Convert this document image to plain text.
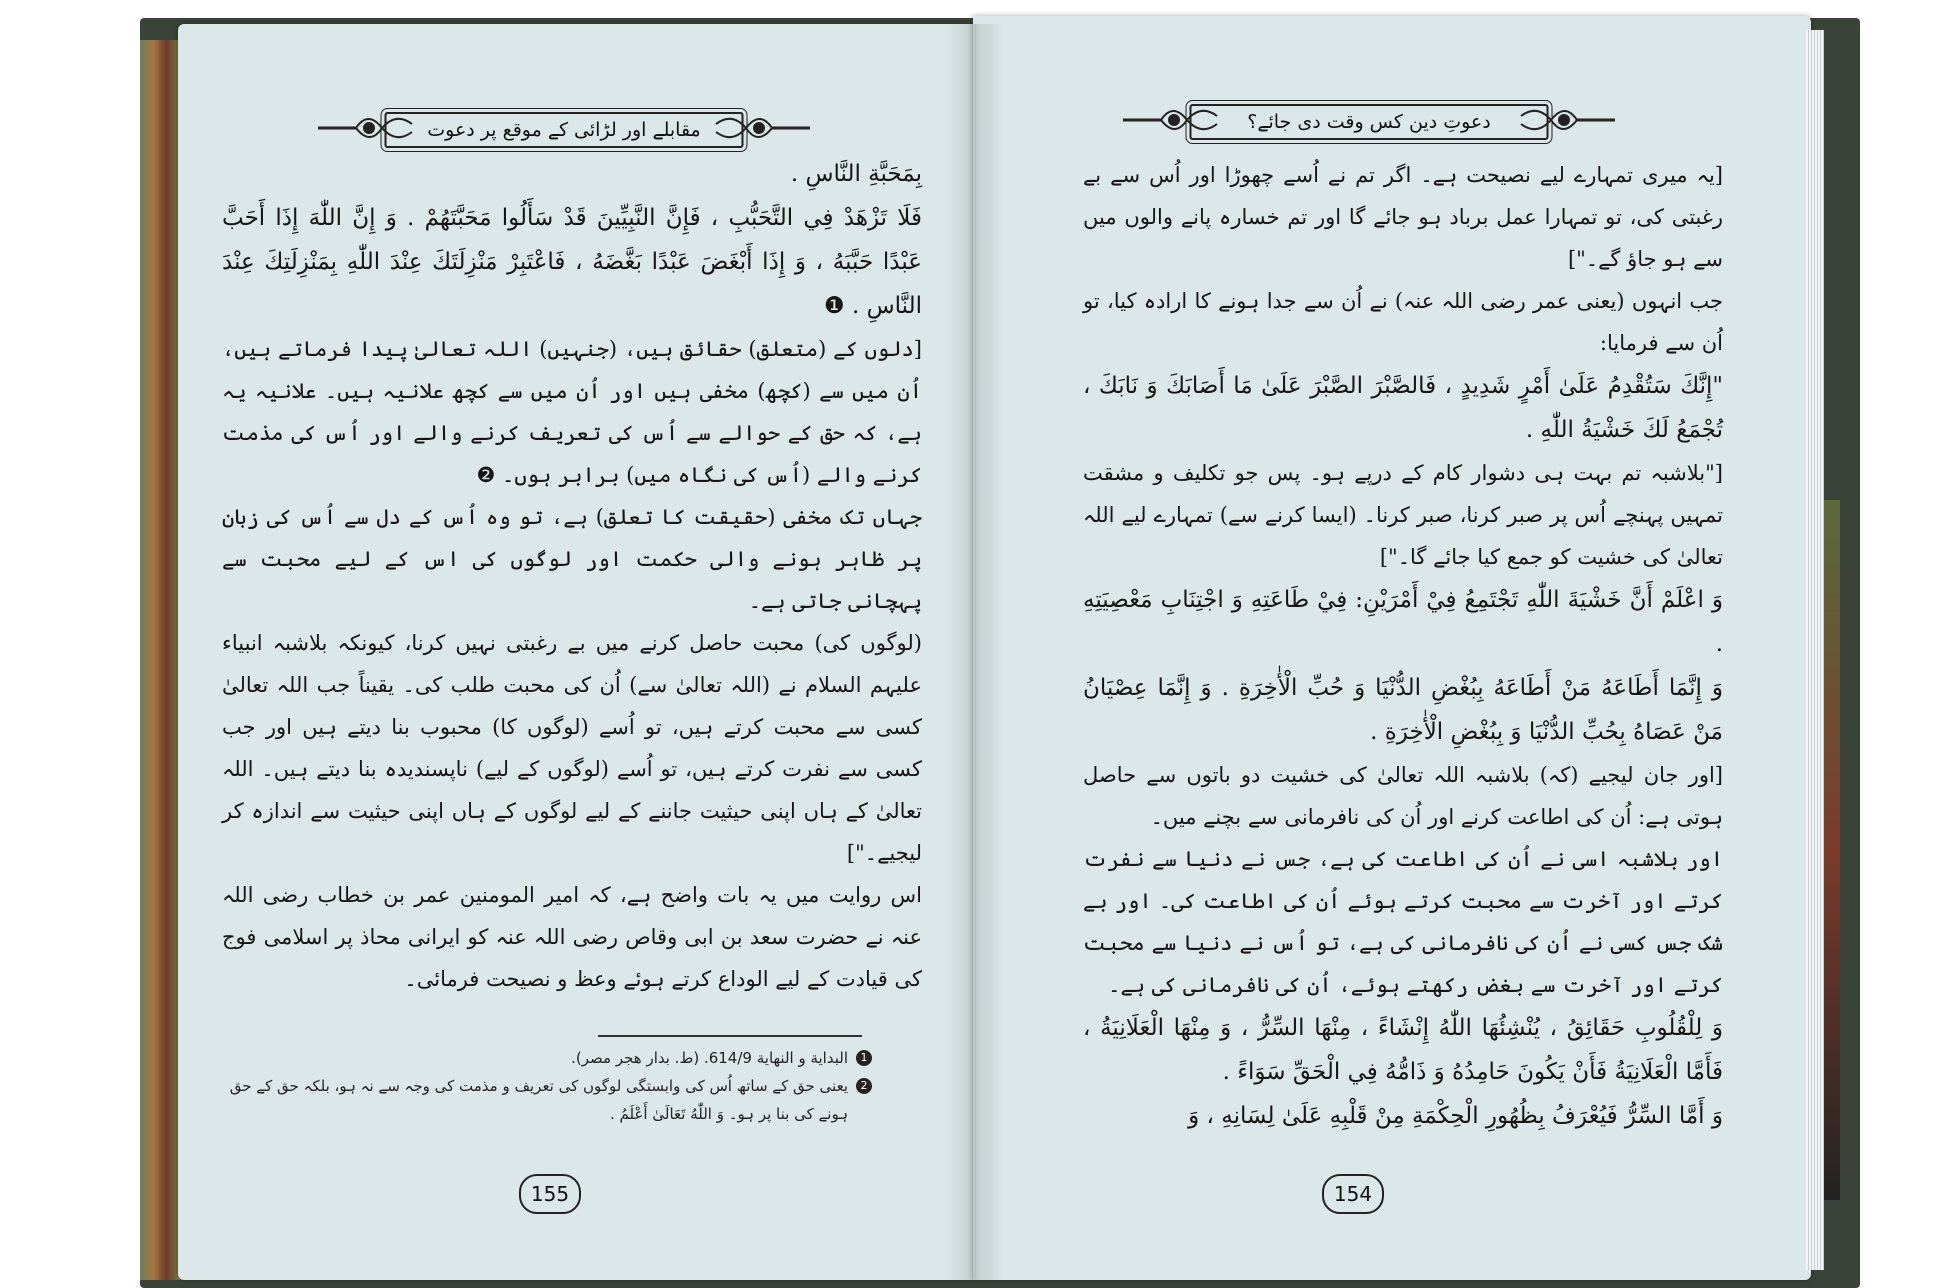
مقابلے اور لڑائی کے موقع پر دعوت

بِمَحَبَّةِ النَّاسِ .

فَلَا تَزْهَدْ فِي التَّحَبُّبِ ، فَإِنَّ النَّبِيِّينَ قَدْ سَأَلُوا مَحَبَّتَهُمْ . وَ إِنَّ اللّٰهَ إِذَا أَحَبَّ عَبْدًا حَبَّبَهُ ، وَ إِذَا أَبْغَضَ عَبْدًا بَغَّضَهُ ، فَاعْتَبِرْ مَنْزِلَتَكَ عِنْدَ اللّٰهِ بِمَنْزِلَتِكَ عِنْدَ النَّاسِ . ❶

[دلوں کے (متعلق) حقائق ہیں، (جنہیں) اللہ تعالیٰ پیدا فرماتے ہیں، اُن میں سے (کچھ) مخفی ہیں اور اُن میں سے کچھ علانیہ ہیں۔ علانیہ یہ ہے، کہ حق کے حوالے سے اُس کی تعریف کرنے والے اور اُس کی مذمت کرنے والے (اُس کی نگاہ میں) برابر ہوں۔ ❷

جہاں تک مخفی (حقیقت کا تعلق) ہے، تو وہ اُس کے دل سے اُس کی زبان پر ظاہر ہونے والی حکمت اور لوگوں کی اس کے لیے محبت سے پہچانی جاتی ہے۔

(لوگوں کی) محبت حاصل کرنے میں بے رغبتی نہیں کرنا، کیونکہ بلاشبہ انبیاء علیہم السلام نے (اللہ تعالیٰ سے) اُن کی محبت طلب کی۔ یقیناً جب اللہ تعالیٰ کسی سے محبت کرتے ہیں، تو اُسے (لوگوں کا) محبوب بنا دیتے ہیں اور جب کسی سے نفرت کرتے ہیں، تو اُسے (لوگوں کے لیے) ناپسندیدہ بنا دیتے ہیں۔ اللہ تعالیٰ کے ہاں اپنی حیثیت جاننے کے لیے لوگوں کے ہاں اپنی حیثیت سے اندازہ کر لیجیے۔"]

اس روایت میں یہ بات واضح ہے، کہ امیر المومنین عمر بن خطاب رضی اللہ عنہ نے حضرت سعد بن ابی وقاص رضی اللہ عنہ کو ایرانی محاذ پر اسلامی فوج کی قیادت کے لیے الوداع کرتے ہوئے وعظ و نصیحت فرمائی۔

1
البداية و النهاية 614/9. (ط. بدار هجر مصر).
2
یعنی حق کے ساتھ اُس کی وابستگی لوگوں کی تعریف و مذمت کی وجہ سے نہ ہو، بلکہ حق کے حق ہونے کی بنا پر ہو۔ وَ اللّٰهُ تَعَالَىٰ أَعْلَمُ .
155
دعوتِ دین کس وقت دی جائے؟

[یہ میری تمہارے لیے نصیحت ہے۔ اگر تم نے اُسے چھوڑا اور اُس سے بے رغبتی کی، تو تمہارا عمل برباد ہو جائے گا اور تم خسارہ پانے والوں میں سے ہو جاؤ گے۔"]

جب انہوں (یعنی عمر رضی اللہ عنہ) نے اُن سے جدا ہونے کا ارادہ کیا، تو اُن سے فرمایا:

"إِنَّكَ سَتُقْدِمُ عَلَىٰ أَمْرٍ شَدِيدٍ ، فَالصَّبْرَ الصَّبْرَ عَلَىٰ مَا أَصَابَكَ وَ نَابَكَ ، تُجْمَعُ لَكَ خَشْيَةُ اللّٰهِ .

["بلاشبہ تم بہت ہی دشوار کام کے درپے ہو۔ پس جو تکلیف و مشقت تمہیں پہنچے اُس پر صبر کرنا، صبر کرنا۔ (ایسا کرنے سے) تمہارے لیے اللہ تعالیٰ کی خشیت کو جمع کیا جائے گا۔"]

وَ اعْلَمْ أَنَّ خَشْيَةَ اللّٰهِ تَجْتَمِعُ فِيْ أَمْرَيْنِ: فِيْ طَاعَتِهِ وَ اجْتِنَابِ مَعْصِيَتِهِ .

وَ إِنَّمَا أَطَاعَهُ مَنْ أَطَاعَهُ بِبُغْضِ الدُّنْيَا وَ حُبِّ الْأٰخِرَةِ . وَ إِنَّمَا عِصْيَانُ مَنْ عَصَاهُ بِحُبِّ الدُّنْيَا وَ بِبُغْضِ الْأٰخِرَةِ .

[اور جان لیجیے (کہ) بلاشبہ اللہ تعالیٰ کی خشیت دو باتوں سے حاصل ہوتی ہے: اُن کی اطاعت کرنے اور اُن کی نافرمانی سے بچنے میں۔

اور بلاشبہ اسی نے اُن کی اطاعت کی ہے، جس نے دنیا سے نفرت کرتے اور آخرت سے محبت کرتے ہوئے اُن کی اطاعت کی۔ اور بے شک جس کسی نے اُن کی نافرمانی کی ہے، تو اُس نے دنیا سے محبت کرتے اور آخرت سے بغض رکھتے ہوئے، اُن کی نافرمانی کی ہے۔

وَ لِلْقُلُوبِ حَقَائِقُ ، يُنْشِئُهَا اللّٰهُ إِنْشَاءً ، مِنْهَا السِّرُّ ، وَ مِنْهَا الْعَلَانِيَةُ ، فَأَمَّا الْعَلَانِيَةُ فَأَنْ يَكُونَ حَامِدُهُ وَ ذَامُّهُ فِي الْحَقِّ سَوَاءً .

وَ أَمَّا السِّرُّ فَيُعْرَفُ بِظُهُورِ الْحِكْمَةِ مِنْ قَلْبِهِ عَلَىٰ لِسَانِهِ ، وَ

154
